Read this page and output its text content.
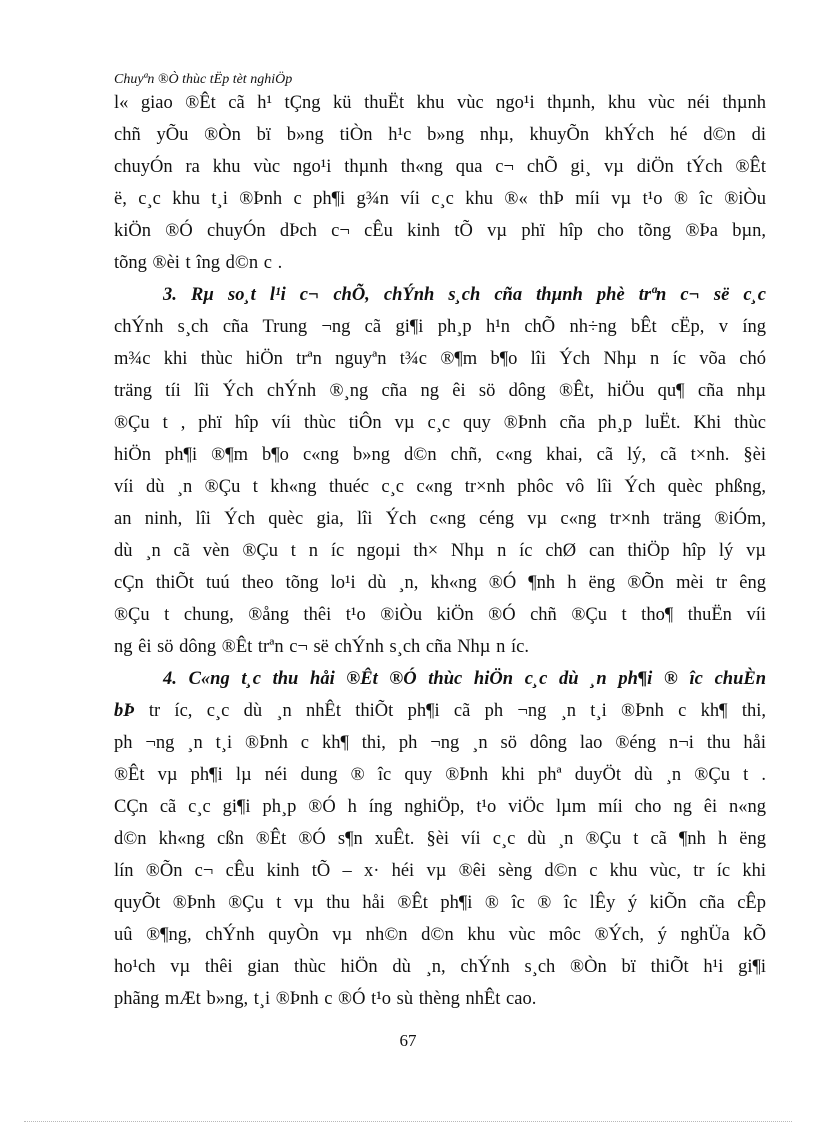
Chuyªn ®Ò thùc tËp tèt nghiÖp
l« giao ®Êt cã h¹ tÇng kü thuËt khu vùc ngo¹i thµnh, khu vùc néi thµnh
chñ yÕu ®Òn bï b»ng tiÒn h¹c b»ng nhµ, khuyÕn khÝch hé d©n di
chuyÓn ra khu vùc ngo¹i thµnh th«ng qua c¬ chÕ gi¸ vµ diÖn tÝch ®Êt
ë, c¸c khu t¸i ®Þnh c ph¶i g¾n víi c¸c khu ®« thÞ míi vµ t¹o ® îc ®iÒu
kiÖn ®Ó chuyÓn dÞch c¬ cÊu kinh tÕ vµ phï hîp cho tõng ®Þa bµn,
tõng ®èi t îng d©n c .
3. Rµ so¸t l¹i c¬ chÕ, chÝnh s¸ch cña thµnh phè trªn c¬ së c¸c
chÝnh s¸ch cña Trung ¬ng cã gi¶i ph¸p h¹n chÕ nh÷ng bÊt cËp, v íng
m¾c khi thùc hiÖn trªn nguyªn t¾c ®¶m b¶o lîi Ých Nhµ n íc võa chó
träng tíi lîi Ých chÝnh ®¸ng cña ng êi sö dông ®Êt, hiÖu qu¶ cña nhµ
®Çu t , phï hîp víi thùc tiÔn vµ c¸c quy ®Þnh cña ph¸p luËt. Khi thùc
hiÖn ph¶i ®¶m b¶o c«ng b»ng d©n chñ, c«ng khai, cã lý, cã t×nh. §èi
víi dù ¸n ®Çu t kh«ng thuéc c¸c c«ng tr×nh phôc vô lîi Ých quèc phßng,
an ninh, lîi Ých quèc gia, lîi Ých c«ng céng vµ c«ng tr×nh träng ®iÓm,
dù ¸n cã vèn ®Çu t n íc ngoµi th× Nhµ n íc chØ can thiÖp hîp lý vµ
cÇn thiÕt tuú theo tõng lo¹i dù ¸n, kh«ng ®Ó ¶nh h ëng ®Õn mèi tr êng
®Çu t chung, ®ång thêi t¹o ®iÒu kiÖn ®Ó chñ ®Çu t tho¶ thuËn víi
ng êi sö dông ®Êt trªn c¬ së chÝnh s¸ch cña Nhµ n íc.
4. C«ng t¸c thu håi ®Êt ®Ó thùc hiÖn c¸c dù ¸n ph¶i ® îc chuÈn
bÞ tr íc, c¸c dù ¸n nhÊt thiÕt ph¶i cã ph ¬ng ¸n t¸i ®Þnh c kh¶ thi,
ph ¬ng ¸n t¸i ®Þnh c kh¶ thi, ph ¬ng ¸n sö dông lao ®éng n¬i thu håi
®Êt vµ ph¶i lµ néi dung ® îc quy ®Þnh khi phª duyÖt dù ¸n ®Çu t .
CÇn cã c¸c gi¶i ph¸p ®Ó h íng nghiÖp, t¹o viÖc lµm míi cho ng êi n«ng
d©n kh«ng cßn ®Êt ®Ó s¶n xuÊt. §èi víi c¸c dù ¸n ®Çu t cã ¶nh h ëng
lín ®Õn c¬ cÊu kinh tÕ – x· héi vµ ®êi sèng d©n c khu vùc, tr íc khi
quyÕt ®Þnh ®Çu t vµ thu håi ®Êt ph¶i ® îc ® îc lÊy ý kiÕn cña cÊp
uû ®¶ng, chÝnh quyÒn vµ nh©n d©n khu vùc môc ®Ých, ý nghÜa kÕ
ho¹ch vµ thêi gian thùc hiÖn dù ¸n, chÝnh s¸ch ®Òn bï thiÕt h¹i gi¶i
phãng mÆt b»ng, t¸i ®Þnh c ®Ó t¹o sù thèng nhÊt cao.
67
